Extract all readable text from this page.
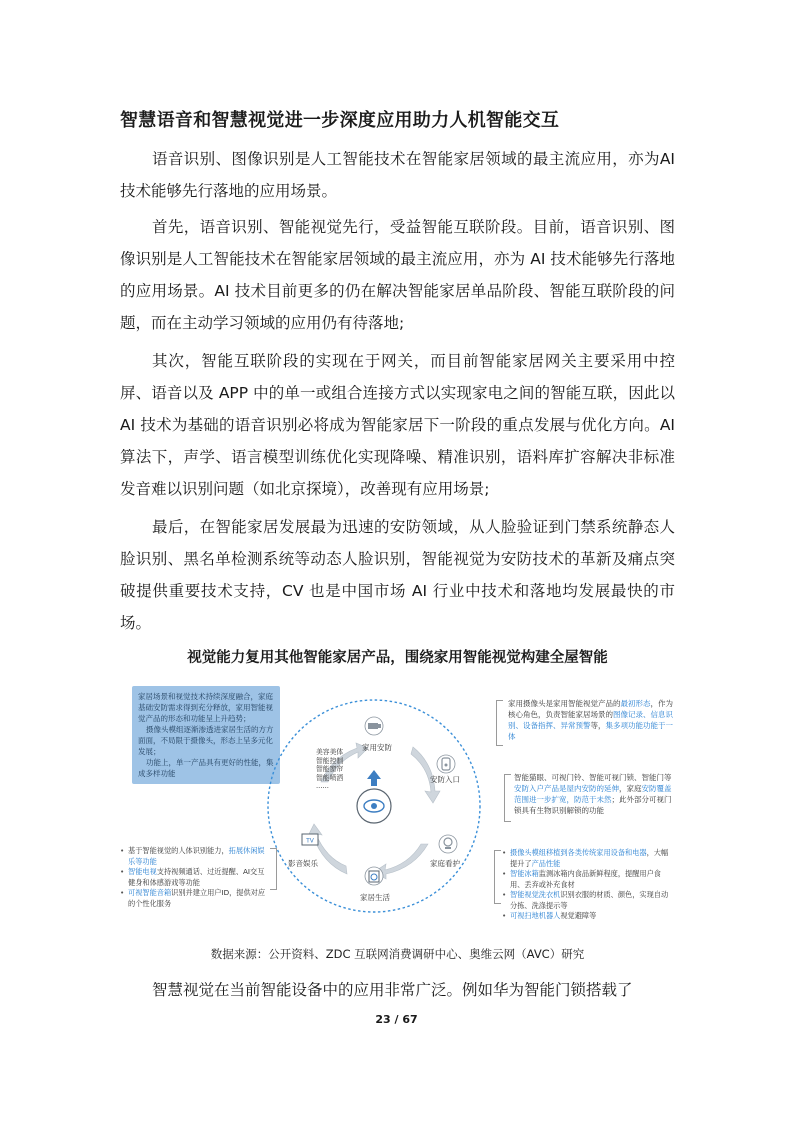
智慧语音和智慧视觉进一步深度应用助力人机智能交互
语音识别、图像识别是人工智能技术在智能家居领域的最主流应用，亦为AI 技术能够先行落地的应用场景。
首先，语音识别、智能视觉先行，受益智能互联阶段。目前，语音识别、图像识别是人工智能技术在智能家居领域的最主流应用，亦为 AI 技术能够先行落地的应用场景。AI 技术目前更多的仍在解决智能家居单品阶段、智能互联阶段的问题，而在主动学习领域的应用仍有待落地;
其次，智能互联阶段的实现在于网关，而目前智能家居网关主要采用中控屏、语音以及 APP 中的单一或组合连接方式以实现家电之间的智能互联，因此以 AI 技术为基础的语音识别必将成为智能家居下一阶段的重点发展与优化方向。AI 算法下，声学、语言模型训练优化实现降噪、精准识别，语料库扩容解决非标准发音难以识别问题（如北京探境），改善现有应用场景;
最后，在智能家居发展最为迅速的安防领域，从人脸验证到门禁系统静态人脸识别、黑名单检测系统等动态人脸识别，智能视觉为安防技术的革新及痛点突破提供重要技术支持，CV 也是中国市场 AI 行业中技术和落地均发展最快的市场。
视觉能力复用其他智能家居产品，围绕家用智能视觉构建全屋智能
家居场景和视觉技术持续深度融合，家庭基础安防需求得到充分释放，家用智能视觉产品的形态和功能呈上升趋势；
摄像头模组逐渐渗透进家居生活的方方面面，不局限于摄像头，形态上呈多元化发展；
功能上，单一产品具有更好的性能，集成多样功能
TV
家用安防
安防入口
家庭看护
家居生活
影音娱乐
美容美体
智能控制
智能窗帘
智能喷洒
......
家用摄像头是家用智能视觉产品的最初形态，作为核心角色，负责智能家居场景的图像记录、信息识别、设备指挥、异常预警等，集多项功能功能于一体
智能猫眼、可视门铃、智能可视门锁、智能门等安防入户产品是屋内安防的延伸，家庭安防覆盖范围进一步扩宽，防范于未然；此外部分可视门锁具有生物识别解锁的功能
• 基于智能视觉的人体识别能力，拓展休闲娱乐等功能
• 智能电视支持视频通话、过近提醒、AI交互健身和体感游戏等功能
• 可视智能音箱识别并建立用户ID，提供对应的个性化服务
• 摄像头模组移植到各类传统家用设备和电器，大幅提升了产品性能
• 智能冰箱监测冰箱内食品新鲜程度，提醒用户食用、丢弃或补充食材
• 智能视觉洗衣机识别衣服的材质、颜色，实现自动分拣、洗涤提示等
• 可视扫地机器人视觉避障等
数据来源：公开资料、ZDC 互联网消费调研中心、奥维云网（AVC）研究
智慧视觉在当前智能设备中的应用非常广泛。例如华为智能门锁搭载了
23 / 67
